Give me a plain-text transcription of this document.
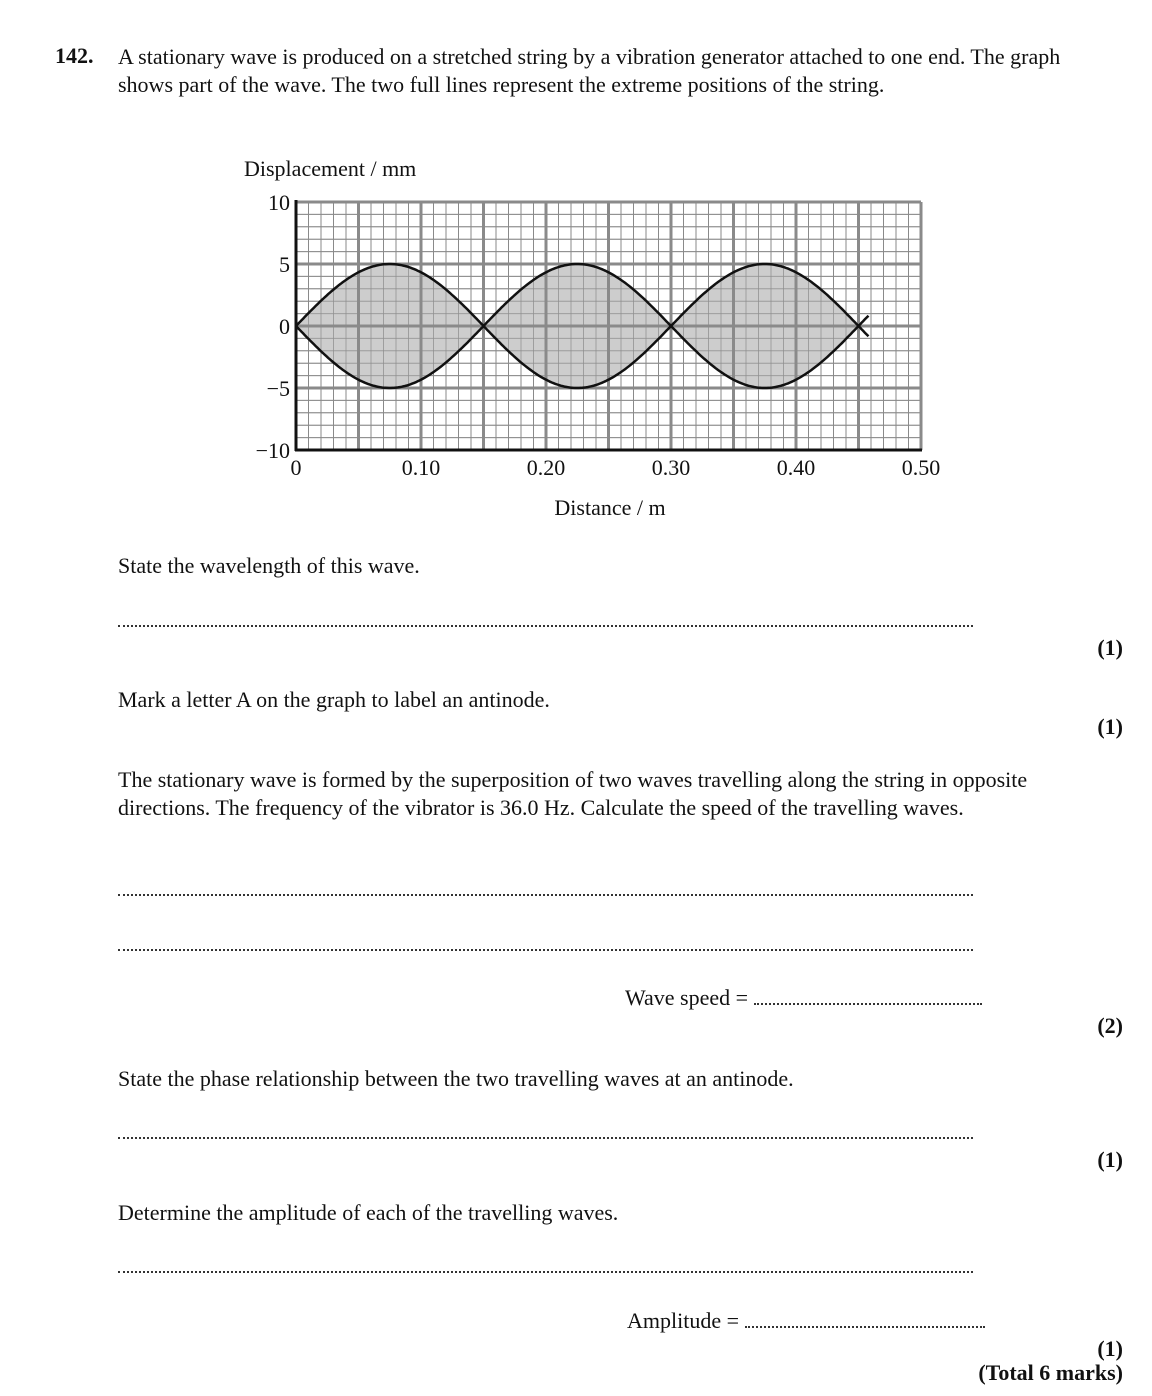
142. A stationary wave is produced on a stretched string by a vibration generator attached to one end. The graph shows part of the wave. The two full lines represent the extreme positions of the string.
0	0.10	0.20	0.30	0.40	0.50
10
5
0
−5
−10
Displacement / mm
Distance / m
State the wavelength of this wave.
(1)
Mark a letter A on the graph to label an antinode.
(1)
The stationary wave is formed by the superposition of two waves travelling along the string in opposite directions. The frequency of the vibrator is 36.0 Hz. Calculate the speed of the travelling waves.
Wave speed =
(2)
State the phase relationship between the two travelling waves at an antinode.
(1)
Determine the amplitude of each of the travelling waves.
Amplitude =
(1)
(Total 6 marks)
